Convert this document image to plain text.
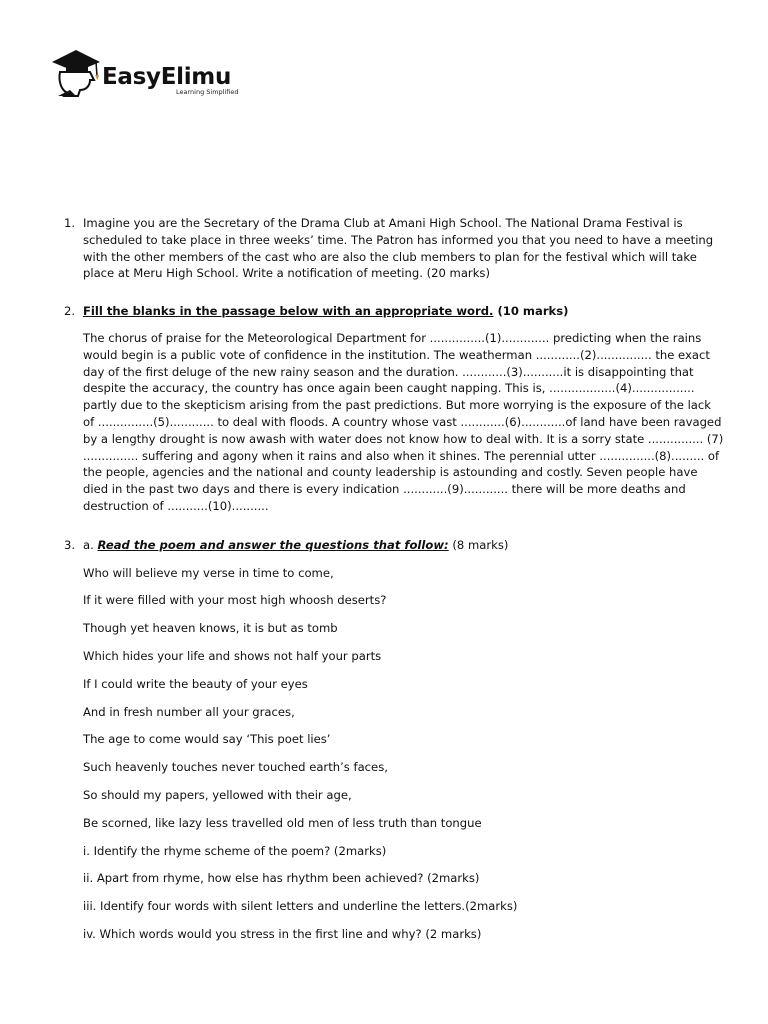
EasyElimu
Learning Simplified
1. Imagine you are the Secretary of the Drama Club at Amani High School. The National Drama Festival is scheduled to take place in three weeks’ time. The Patron has informed you that you need to have a meeting with the other members of the cast who are also the club members to plan for the festival which will take place at Meru High School. Write a notification of meeting. (20 marks)

2. Fill the blanks in the passage below with an appropriate word. (10 marks)

The chorus of praise for the Meteorological Department for ...............(1)............. predicting when the rains would begin is a public vote of confidence in the institution. The weatherman ............(2)............... the exact day of the first deluge of the new rainy season and the duration. ............(3)...........it is disappointing that despite the accuracy, the country has once again been caught napping. This is, ..................(4)................. partly due to the skepticism arising from the past predictions. But more worrying is the exposure of the lack of ...............(5)............ to deal with floods. A country whose vast ............(6)............of land have been ravaged by a lengthy drought is now awash with water does not know how to deal with. It is a sorry state ............... (7) ............... suffering and agony when it rains and also when it shines. The perennial utter ...............(8)......... of the people, agencies and the national and county leadership is astounding and costly. Seven people have died in the past two days and there is every indication ............(9)............ there will be more deaths and destruction of ...........(10)..........

3. a. Read the poem and answer the questions that follow: (8 marks)

Who will believe my verse in time to come,

If it were filled with your most high whoosh deserts?

Though yet heaven knows, it is but as tomb

Which hides your life and shows not half your parts

If I could write the beauty of your eyes

And in fresh number all your graces,

The age to come would say ‘This poet lies’

Such heavenly touches never touched earth’s faces,

So should my papers, yellowed with their age,

Be scorned, like lazy less travelled old men of less truth than tongue

i. Identify the rhyme scheme of the poem? (2marks)

ii. Apart from rhyme, how else has rhythm been achieved? (2marks)

iii. Identify four words with silent letters and underline the letters.(2marks)

iv. Which words would you stress in the first line and why? (2 marks)
